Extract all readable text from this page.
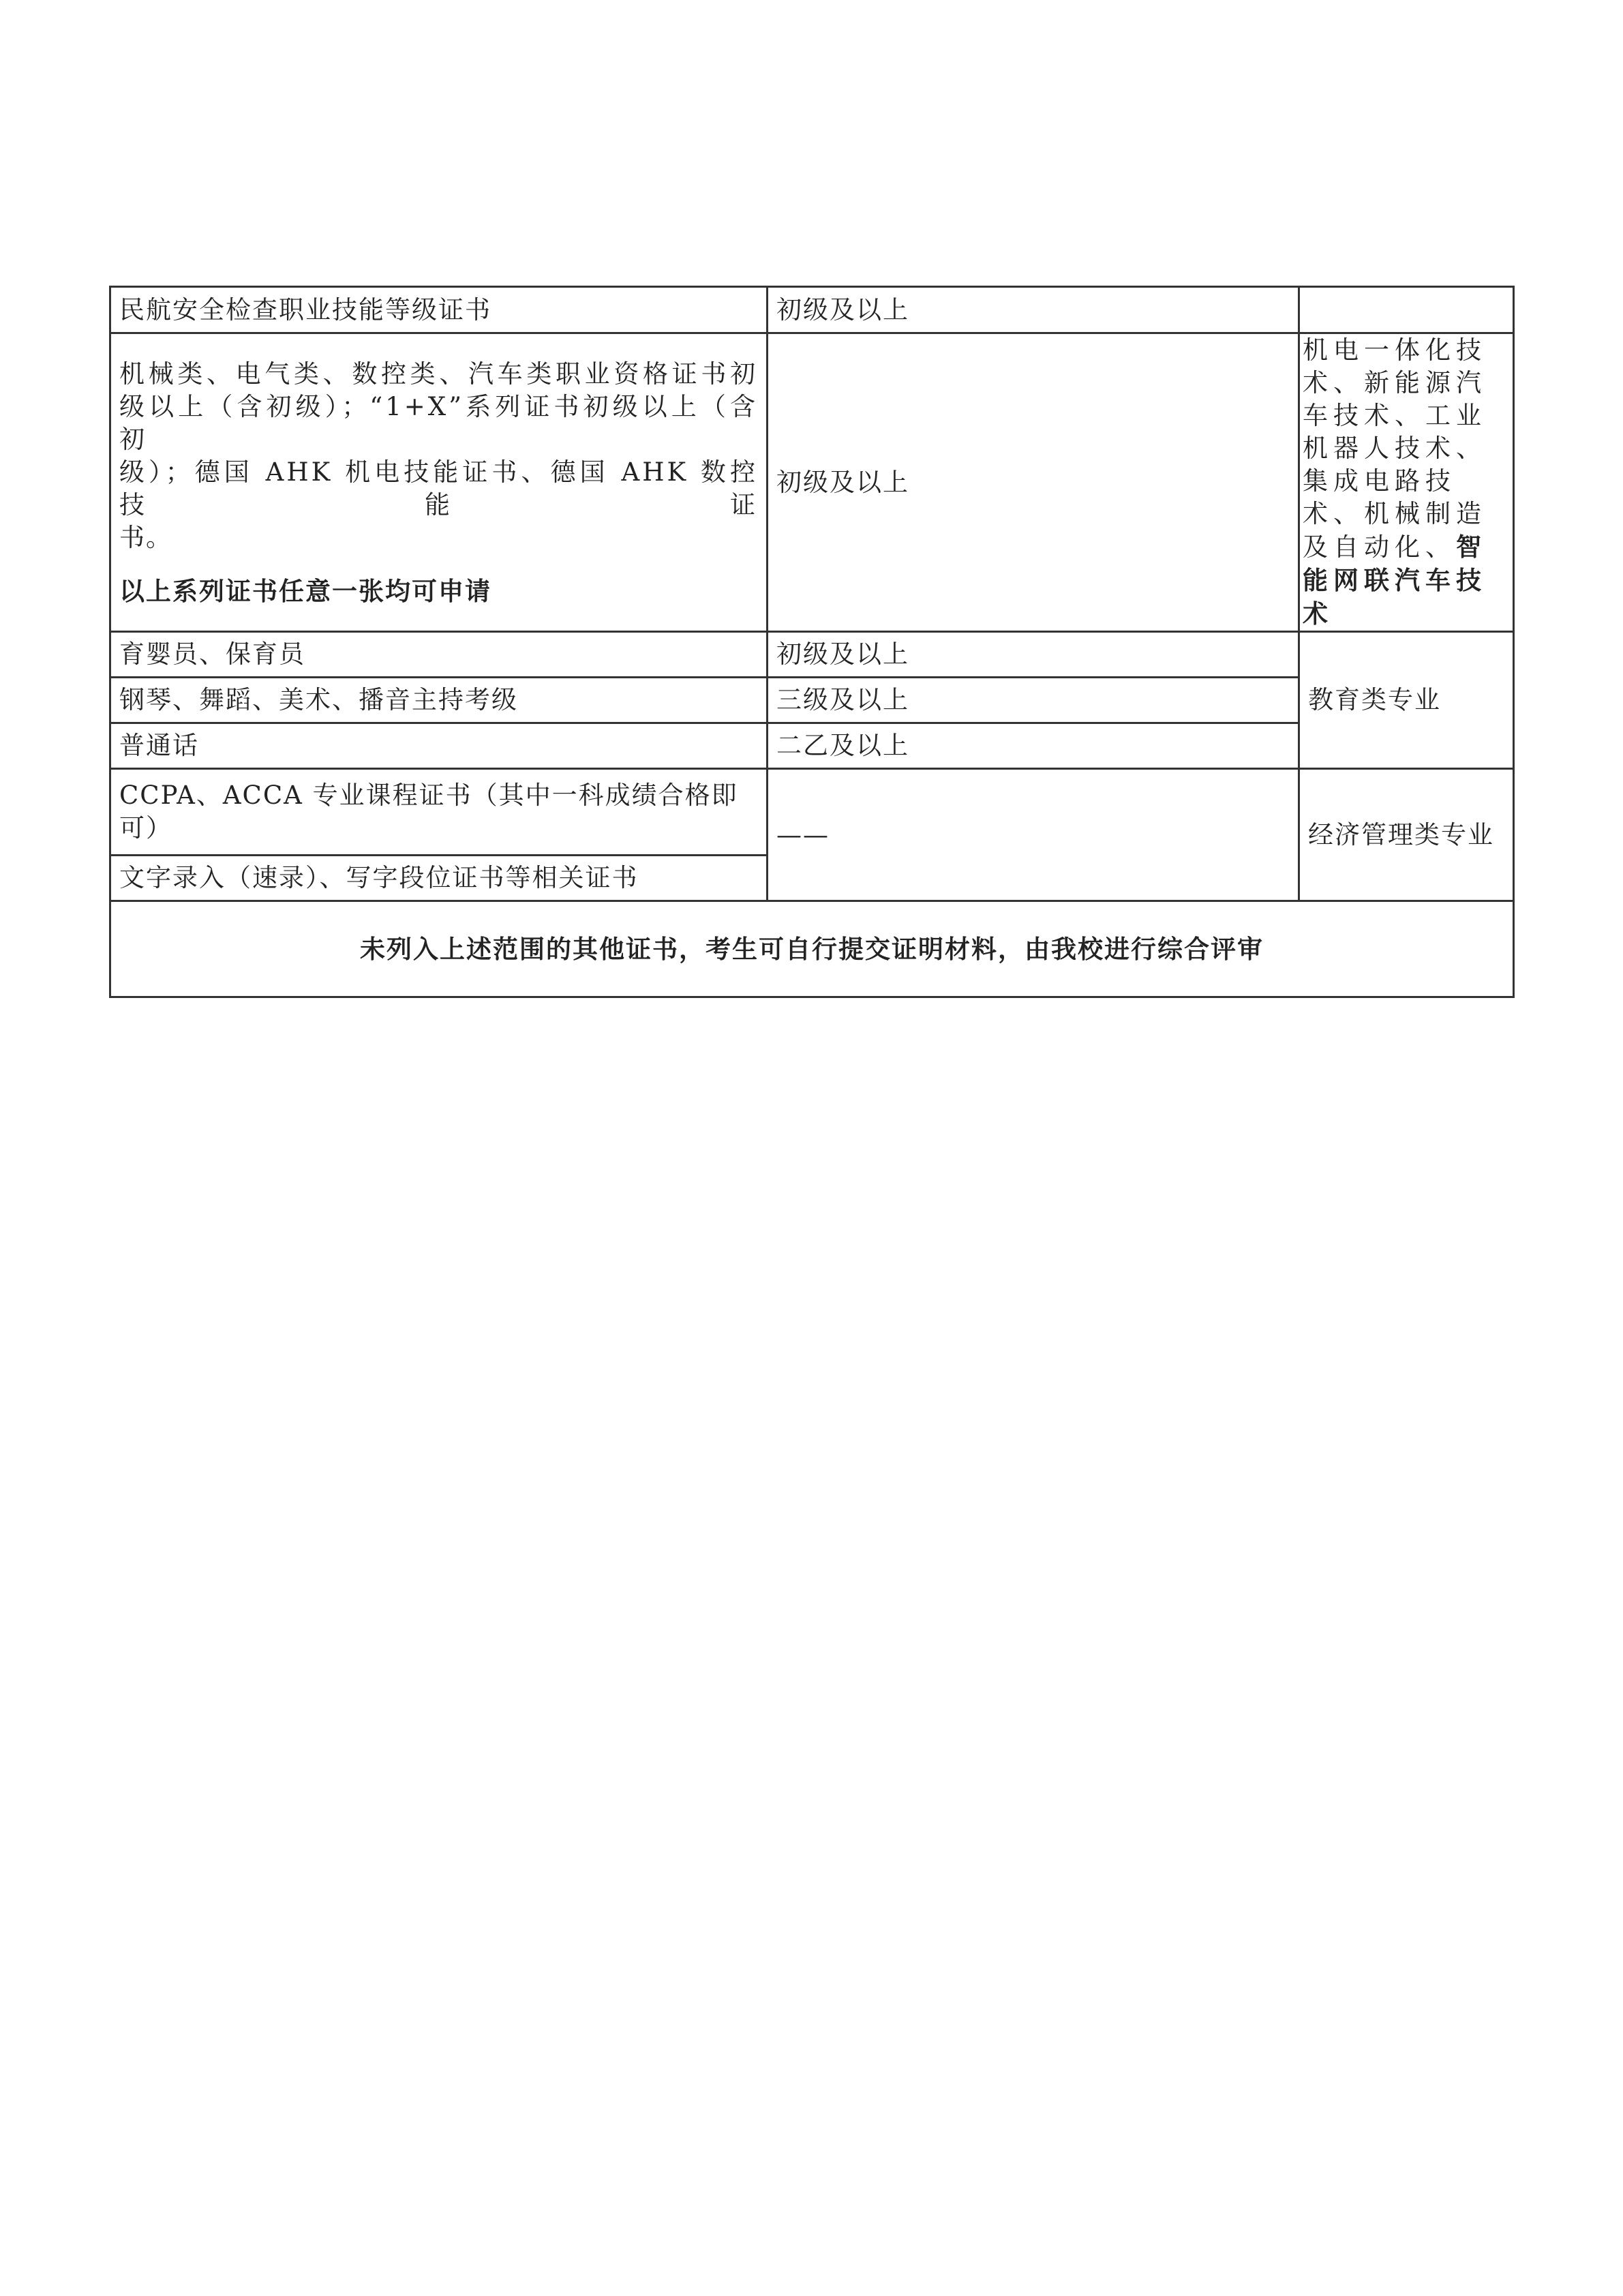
民航安全检查职业技能等级证书	初级及以上	

机械类、电气类、数控类、汽车类职业资格证书初
级以上（含初级）；“1+X”系列证书初级以上（含初
级）；德国 AHK 机电技能证书、德国 AHK 数控技能证
书。
以上系列证书任意一张均可申请	初级及以上	机电一体化技术、新能源汽车技术、工业机器人技术、集成电路技术、机械制造及自动化、智能网联汽车技术
育婴员、保育员	初级及以上	教育类专业
钢琴、舞蹈、美术、播音主持考级	三级及以上	
普通话	二乙及以上	
CCPA、ACCA 专业课程证书（其中一科成绩合格即可）	——	经济管理类专业
文字录入（速录）、写字段位证书等相关证书		
未列入上述范围的其他证书，考生可自行提交证明材料，由我校进行综合评审		
